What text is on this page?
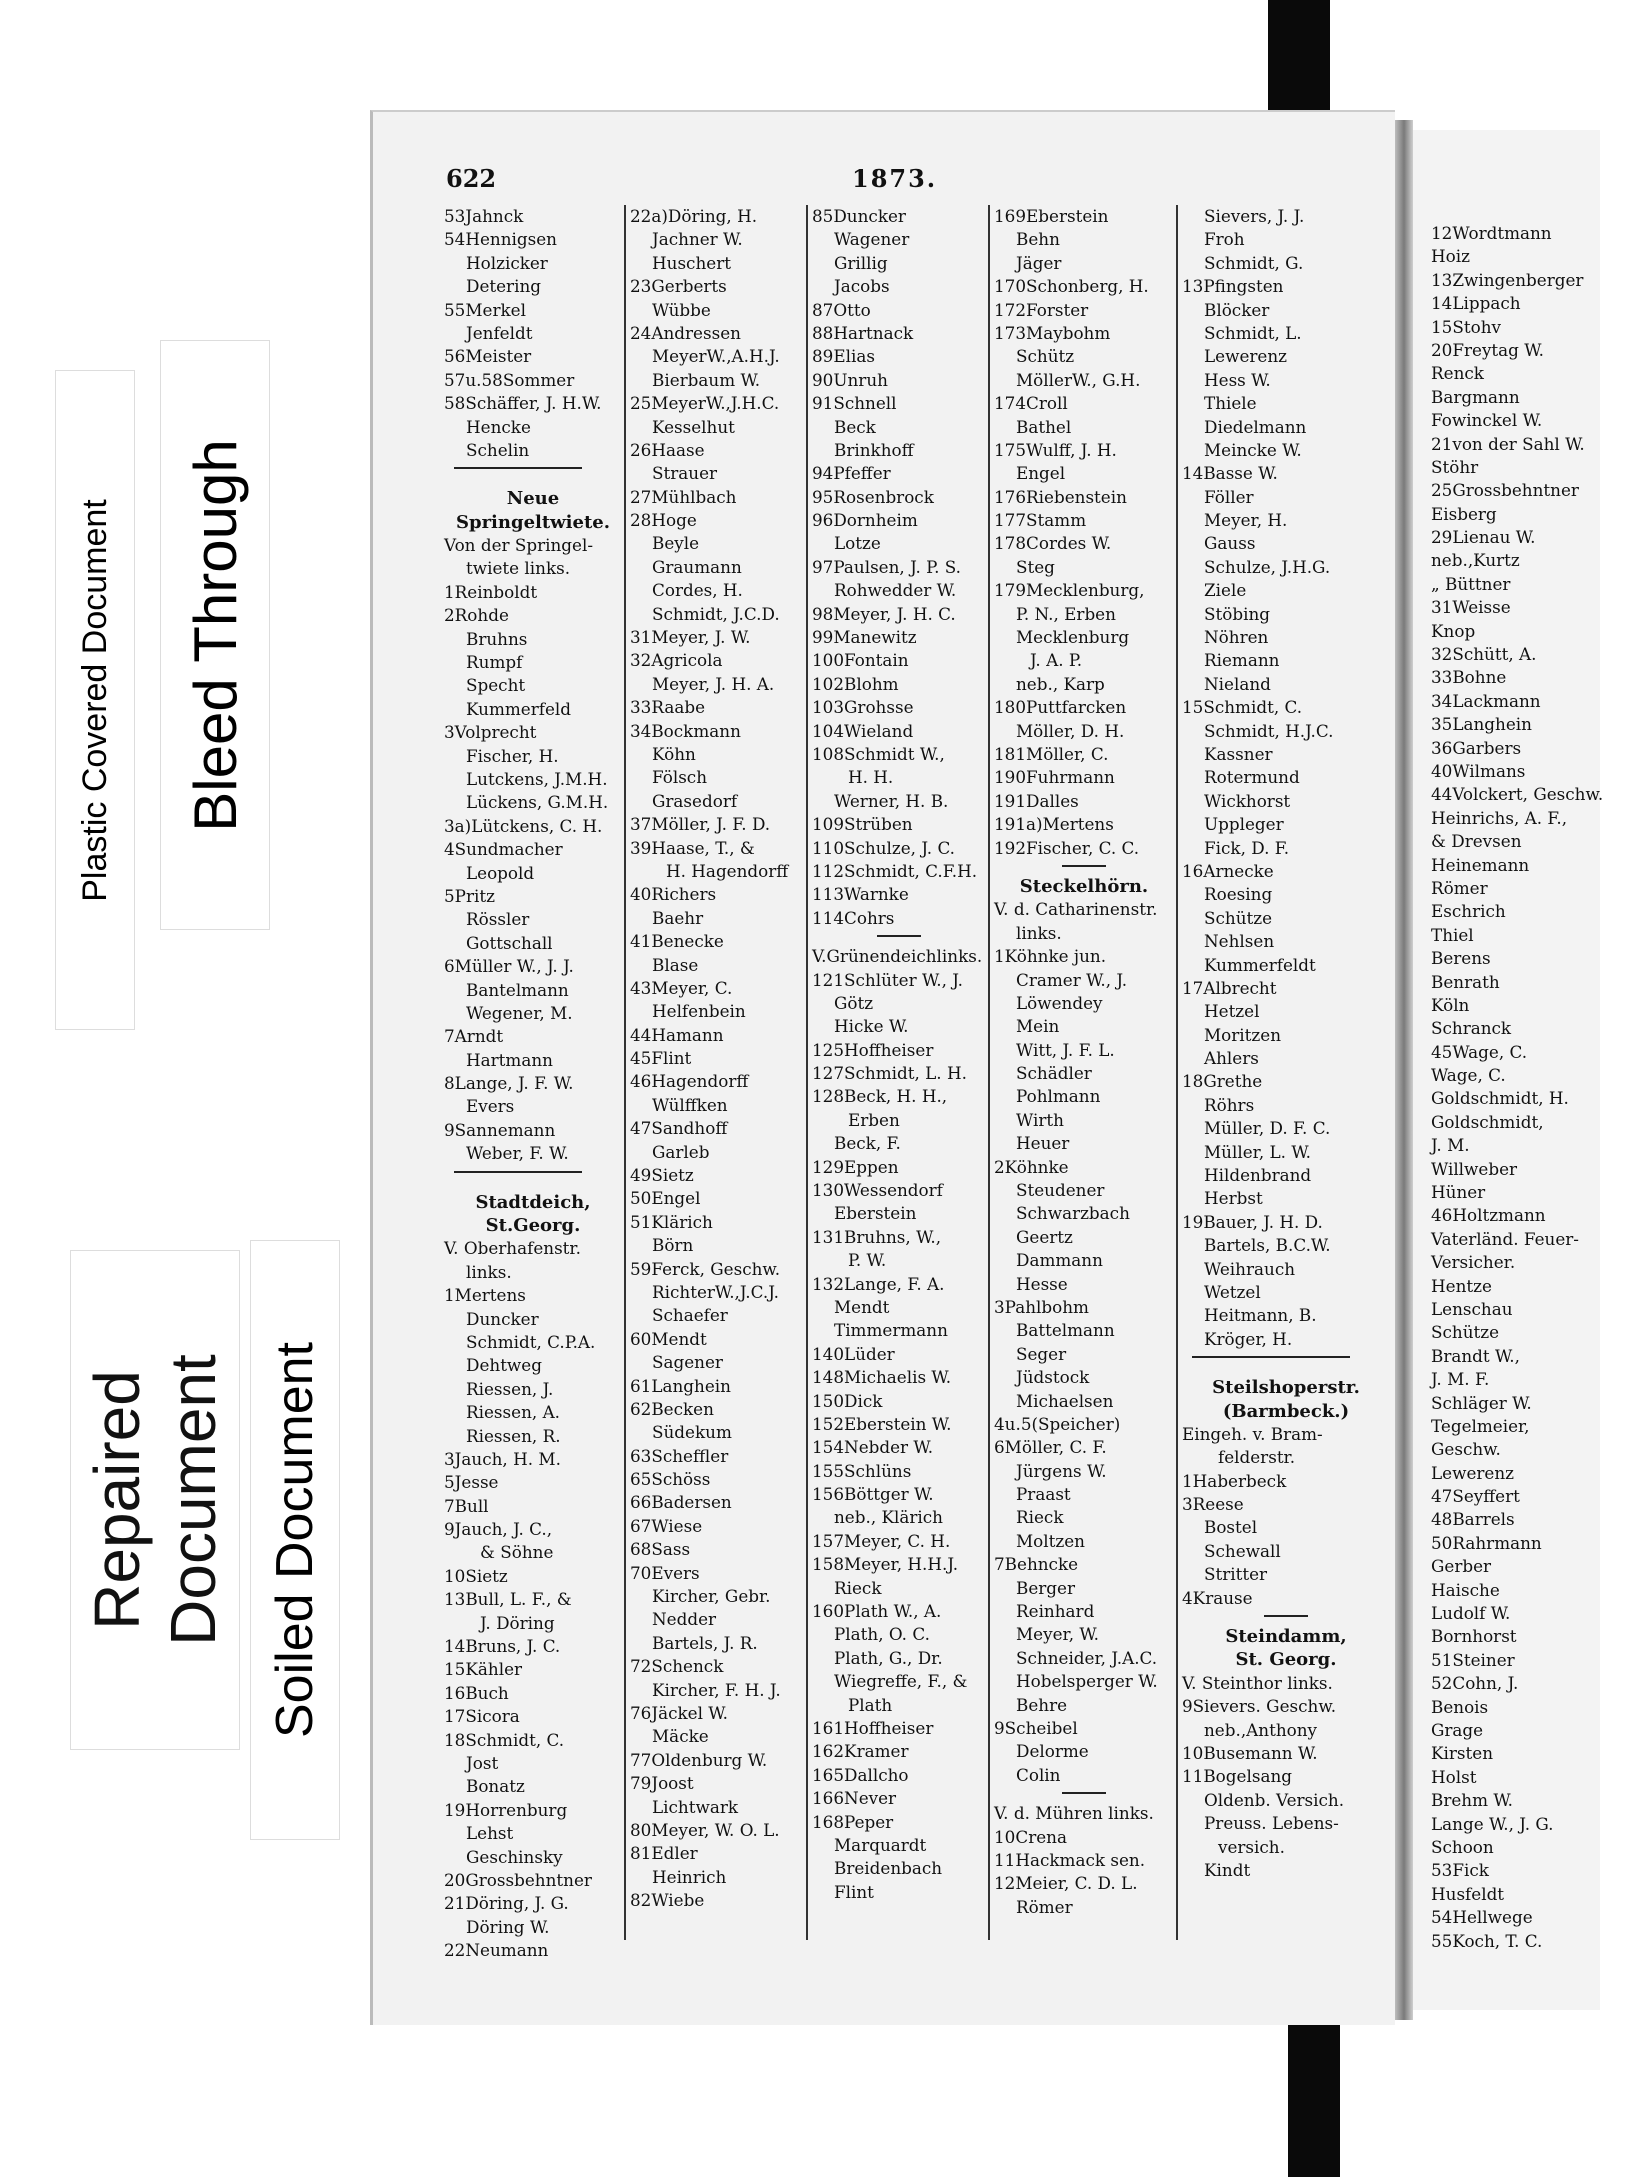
Plastic Covered Document Bleed Through
Repaired Document Soiled Document
622	1873.
53Jahnck
54Hennigsen
Holzicker
Detering
55Merkel
Jenfeldt
56Meister
57u.58Sommer
58Schäffer, J. H.W.
Hencke
Schelin
Neue
Springeltwiete.
Von der Springel-
twiete links.
1Reinboldt
2Rohde
Bruhns
Rumpf
Specht
Kummerfeld
3Volprecht
Fischer, H.
Lutckens, J.M.H.
Lückens, G.M.H.
3a)Lütckens, C. H.
4Sundmacher
Leopold
5Pritz
Rössler
Gottschall
6Müller W., J. J.
Bantelmann
Wegener, M.
7Arndt
Hartmann
8Lange, J. F. W.
Evers
9Sannemann
Weber, F. W.
Stadtdeich,
St.Georg.
V. Oberhafenstr.
links.
1Mertens
Duncker
Schmidt, C.P.A.
Dehtweg
Riessen, J.
Riessen, A.
Riessen, R.
3Jauch, H. M.
5Jesse
7Bull
9Jauch, J. C.,
& Söhne
10Sietz
13Bull, L. F., &
J. Döring
14Bruns, J. C.
15Kähler
16Buch
17Sicora
18Schmidt, C.
Jost
Bonatz
19Horrenburg
Lehst
Geschinsky
20Grossbehntner
21Döring, J. G.
Döring W.
22Neumann
22a)Döring, H.
Jachner W.
Huschert
23Gerberts
Wübbe
24Andressen
MeyerW.,A.H.J.
Bierbaum W.
25MeyerW.,J.H.C.
Kesselhut
26Haase
Strauer
27Mühlbach
28Hoge
Beyle
Graumann
Cordes, H.
Schmidt, J.C.D.
31Meyer, J. W.
32Agricola
Meyer, J. H. A.
33Raabe
34Bockmann
Köhn
Fölsch
Grasedorf
37Möller, J. F. D.
39Haase, T., &
H. Hagendorff
40Richers
Baehr
41Benecke
Blase
43Meyer, C.
Helfenbein
44Hamann
45Flint
46Hagendorff
Wülffken
47Sandhoff
Garleb
49Sietz
50Engel
51Klärich
Börn
59Ferck, Geschw.
RichterW.,J.C.J.
Schaefer
60Mendt
Sagener
61Langhein
62Becken
Südekum
63Scheffler
65Schöss
66Badersen
67Wiese
68Sass
70Evers
Kircher, Gebr.
Nedder
Bartels, J. R.
72Schenck
Kircher, F. H. J.
76Jäckel W.
Mäcke
77Oldenburg W.
79Joost
Lichtwark
80Meyer, W. O. L.
81Edler
Heinrich
82Wiebe
85Duncker
Wagener
Grillig
Jacobs
87Otto
88Hartnack
89Elias
90Unruh
91Schnell
Beck
Brinkhoff
94Pfeffer
95Rosenbrock
96Dornheim
Lotze
97Paulsen, J. P. S.
Rohwedder W.
98Meyer, J. H. C.
99Manewitz
100Fontain
102Blohm
103Grohsse
104Wieland
108Schmidt W.,
H. H.
Werner, H. B.
109Strüben
110Schulze, J. C.
112Schmidt, C.F.H.
113Warnke
114Cohrs
V.Grünendeichlinks.
121Schlüter W., J.
Götz
Hicke W.
125Hoffheiser
127Schmidt, L. H.
128Beck, H. H.,
Erben
Beck, F.
129Eppen
130Wessendorf
Eberstein
131Bruhns, W.,
P. W.
132Lange, F. A.
Mendt
Timmermann
140Lüder
148Michaelis W.
150Dick
152Eberstein W.
154Nebder W.
155Schlüns
156Böttger W.
neb., Klärich
157Meyer, C. H.
158Meyer, H.H.J.
Rieck
160Plath W., A.
Plath, O. C.
Plath, G., Dr.
Wiegreffe, F., &
Plath
161Hoffheiser
162Kramer
165Dallcho
166Never
168Peper
Marquardt
Breidenbach
Flint
169Eberstein
Behn
Jäger
170Schonberg, H.
172Forster
173Maybohm
Schütz
MöllerW., G.H.
174Croll
Bathel
175Wulff, J. H.
Engel
176Riebenstein
177Stamm
178Cordes W.
Steg
179Mecklenburg,
P. N., Erben
Mecklenburg
J. A. P.
neb., Karp
180Puttfarcken
Möller, D. H.
181Möller, C.
190Fuhrmann
191Dalles
191a)Mertens
192Fischer, C. C.
Steckelhörn.
V. d. Catharinenstr.
links.
1Köhnke jun.
Cramer W., J.
Löwendey
Mein
Witt, J. F. L.
Schädler
Pohlmann
Wirth
Heuer
2Köhnke
Steudener
Schwarzbach
Geertz
Dammann
Hesse
3Pahlbohm
Battelmann
Seger
Jüdstock
Michaelsen
4u.5(Speicher)
6Möller, C. F.
Jürgens W.
Praast
Rieck
Moltzen
7Behncke
Berger
Reinhard
Meyer, W.
Schneider, J.A.C.
Hobelsperger W.
Behre
9Scheibel
Delorme
Colin
V. d. Mühren links.
10Crena
11Hackmack sen.
12Meier, C. D. L.
Römer
Sievers, J. J.
Froh
Schmidt, G.
13Pfingsten
Blöcker
Schmidt, L.
Lewerenz
Hess W.
Thiele
Diedelmann
Meincke W.
14Basse W.
Föller
Meyer, H.
Gauss
Schulze, J.H.G.
Ziele
Stöbing
Nöhren
Riemann
Nieland
15Schmidt, C.
Schmidt, H.J.C.
Kassner
Rotermund
Wickhorst
Uppleger
Fick, D. F.
16Arnecke
Roesing
Schütze
Nehlsen
Kummerfeldt
17Albrecht
Hetzel
Moritzen
Ahlers
18Grethe
Röhrs
Müller, D. F. C.
Müller, L. W.
Hildenbrand
Herbst
19Bauer, J. H. D.
Bartels, B.C.W.
Weihrauch
Wetzel
Heitmann, B.
Kröger, H.
Steilshoperstr.
(Barmbeck.)
Eingeh. v. Bram-
felderstr.
1Haberbeck
3Reese
Bostel
Schewall
Stritter
4Krause
Steindamm,
St. Georg.
V. Steinthor links.
9Sievers. Geschw.
neb.,Anthony
10Busemann W.
11Bogelsang
Oldenb. Versich.
Preuss. Lebens-
versich.
Kindt
12Wordtmann
Hoiz
13Zwingenberger
14Lippach
15Stohv
20Freytag W.
Renck
Bargmann
Fowinckel W.
21von der Sahl W.
Stöhr
25Grossbehntner
Eisberg
29Lienau W.
neb.,Kurtz
„ Büttner
31Weisse
Knop
32Schütt, A.
33Bohne
34Lackmann
35Langhein
36Garbers
40Wilmans
44Volckert, Geschw.
Heinrichs, A. F.,
& Drevsen
Heinemann
Römer
Eschrich
Thiel
Berens
Benrath
Köln
Schranck
45Wage, C.
Wage, C.
Goldschmidt, H.
Goldschmidt,
J. M.
Willweber
Hüner
46Holtzmann
Vaterländ. Feuer-
Versicher.
Hentze
Lenschau
Schütze
Brandt W.,
J. M. F.
Schläger W.
Tegelmeier,
Geschw.
Lewerenz
47Seyffert
48Barrels
50Rahrmann
Gerber
Haische
Ludolf W.
Bornhorst
51Steiner
52Cohn, J.
Benois
Grage
Kirsten
Holst
Brehm W.
Lange W., J. G.
Schoon
53Fick
Husfeldt
54Hellwege
55Koch, T. C.
